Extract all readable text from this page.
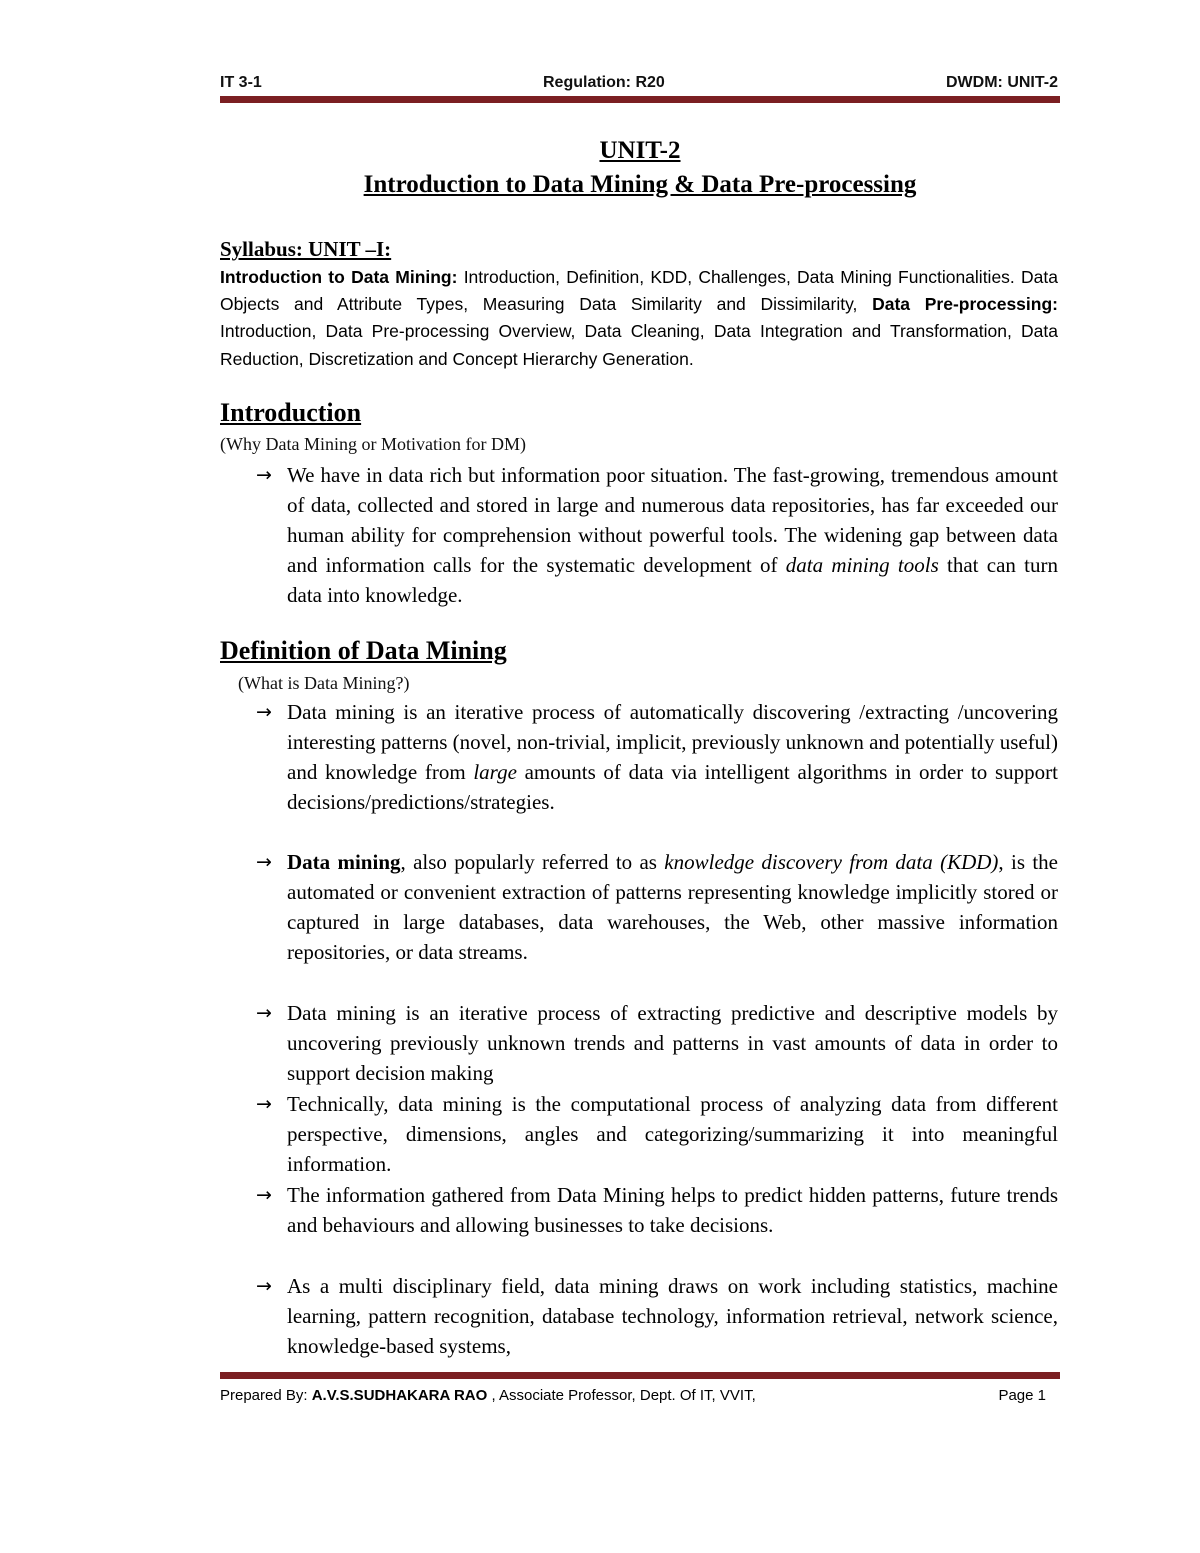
IT 3-1	Regulation: R20	DWDM: UNIT-2
UNIT-2
Introduction to Data Mining & Data Pre-processing
Syllabus: UNIT –I:
Introduction to Data Mining: Introduction, Definition, KDD, Challenges, Data Mining Functionalities. Data Objects and Attribute Types, Measuring Data Similarity and Dissimilarity, Data Pre-processing: Introduction, Data Pre-processing Overview, Data Cleaning, Data Integration and Transformation, Data Reduction, Discretization and Concept Hierarchy Generation.
Introduction
(Why Data Mining or Motivation for DM)
→ We have in data rich but information poor situation. The fast-growing, tremendous amount of data, collected and stored in large and numerous data repositories, has far exceeded our human ability for comprehension without powerful tools. The widening gap between data and information calls for the systematic development of data mining tools that can turn data into knowledge.
Definition of Data Mining
(What is Data Mining?)
→ Data mining is an iterative process of automatically discovering /extracting /uncovering interesting patterns (novel, non-trivial, implicit, previously unknown and potentially useful) and knowledge from large amounts of data via intelligent algorithms in order to support decisions/predictions/strategies.
→ Data mining, also popularly referred to as knowledge discovery from data (KDD), is the automated or convenient extraction of patterns representing knowledge implicitly stored or captured in large databases, data warehouses, the Web, other massive information repositories, or data streams.
→ Data mining is an iterative process of extracting predictive and descriptive models by uncovering previously unknown trends and patterns in vast amounts of data in order to support decision making
→ Technically, data mining is the computational process of analyzing data from different perspective, dimensions, angles and categorizing/summarizing it into meaningful information.
→ The information gathered from Data Mining helps to predict hidden patterns, future trends and behaviours and allowing businesses to take decisions.
→ As a multi disciplinary field, data mining draws on work including statistics, machine learning, pattern recognition, database technology, information retrieval, network science, knowledge-based systems,
Prepared By: A.V.S.SUDHAKARA RAO , Associate Professor, Dept. Of IT, VVIT,	Page 1
